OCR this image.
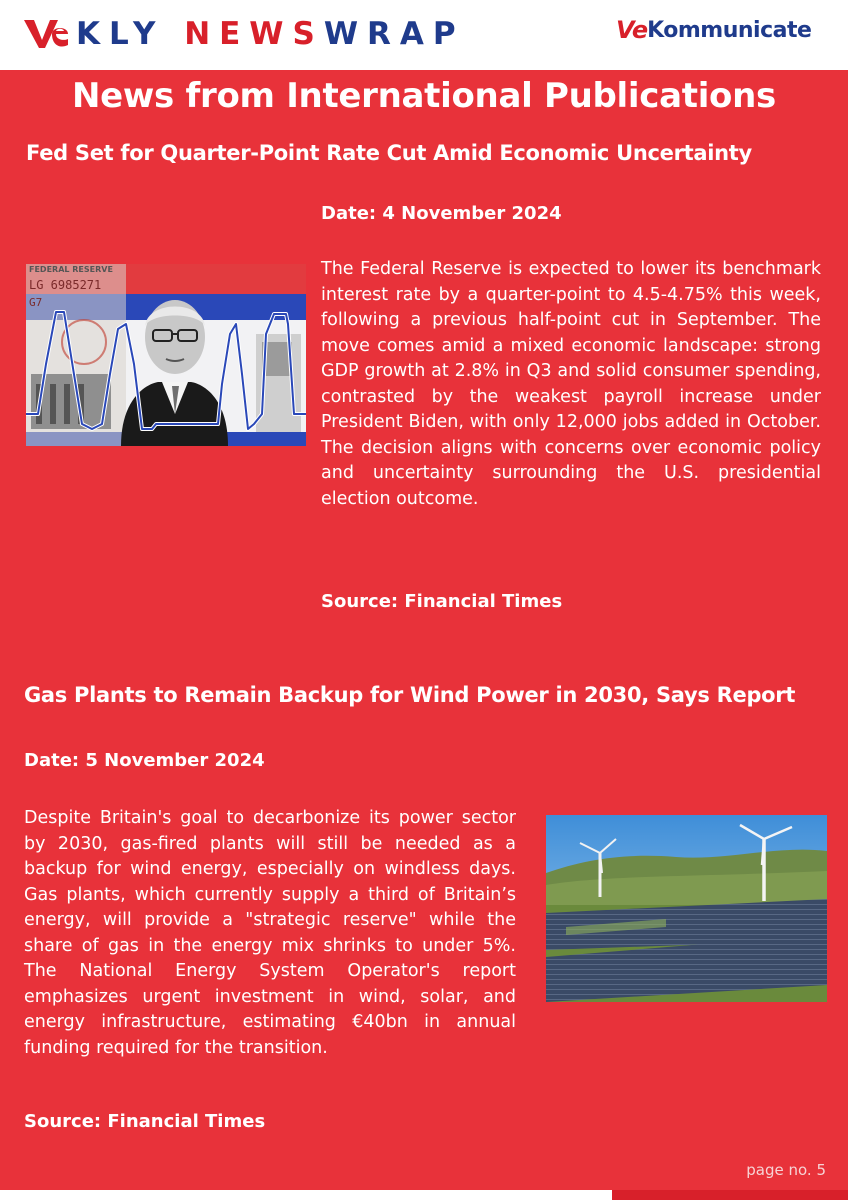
KLY NEWSWRAP	Ve Kommunicate
News from International Publications
Fed Set for Quarter-Point Rate Cut Amid Economic Uncertainty
Date: 4 November 2024
FEDERAL RESERVE
LG 6985271
G7
The Federal Reserve is expected to lower its benchmark interest rate by a quarter-point to 4.5-4.75% this week, following a previous half-point cut in September. The move comes amid a mixed economic landscape: strong GDP growth at 2.8% in Q3 and solid consumer spending, contrasted by the weakest payroll increase under President Biden, with only 12,000 jobs added in October. The decision aligns with concerns over economic policy and uncertainty surrounding the U.S. presidential election outcome.
Source: Financial Times
Gas Plants to Remain Backup for Wind Power in 2030, Says Report
Date: 5 November 2024
Despite Britain's goal to decarbonize its power sector by 2030, gas-fired plants will still be needed as a backup for wind energy, especially on windless days. Gas plants, which currently supply a third of Britain’s energy, will provide a "strategic reserve" while the share of gas in the energy mix shrinks to under 5%. The National Energy System Operator's report emphasizes urgent investment in wind, solar, and energy infrastructure, estimating €40bn in annual funding required for the transition.
Source: Financial Times
page no. 5
